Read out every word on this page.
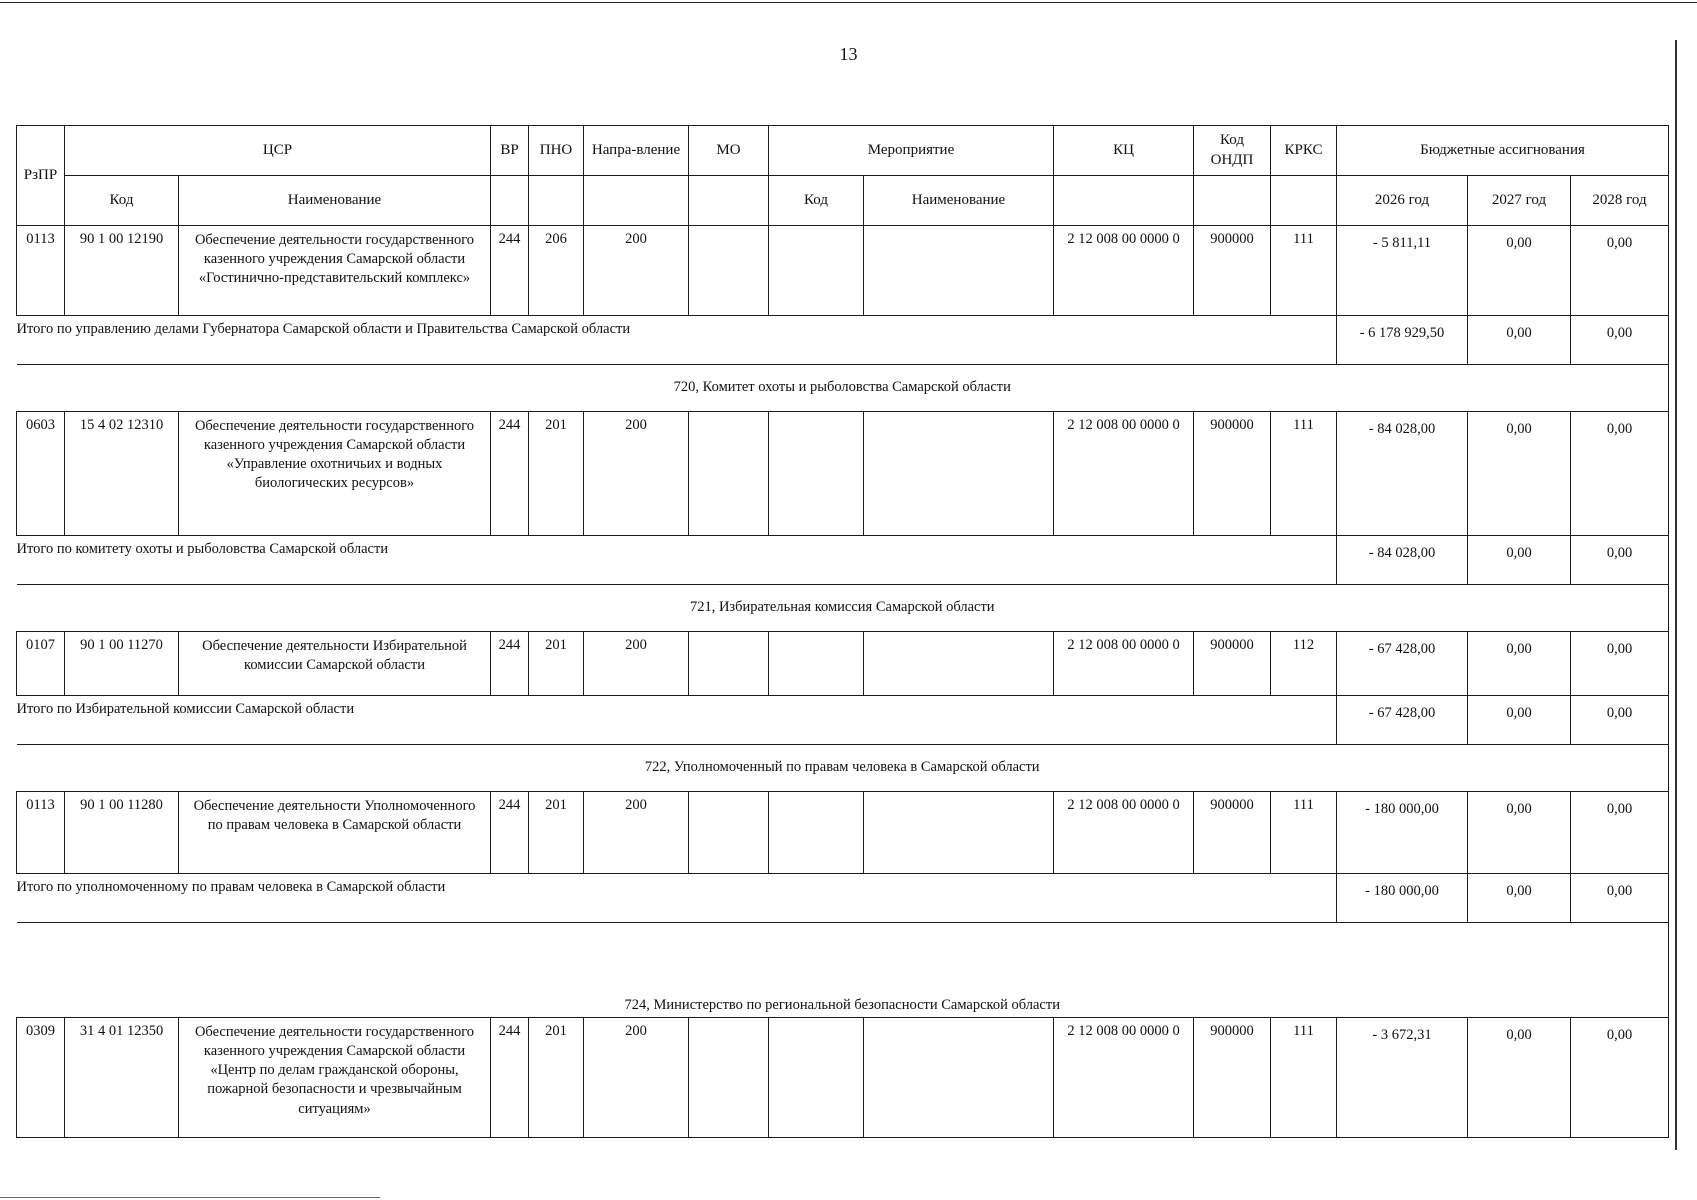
13
РзПР	ЦСР		ВР	ПНО	Напра-вление	МО	Мероприятие		КЦ	Код ОНДП	КРКС	Бюджетные ассигнования		
	Код	Наименование					Код	Наименование				2026 год	2027 год	2028 год
0113	90 1 00 12190	Обеспечение деятельности государственного казенного учреждения Самарской области «Гостинично-представительский комплекс»	244	206	200				2 12 008 00 0000 0	900000	111	- 5 811,11	0,00	0,00
Итого по управлению делами Губернатора Самарской области и Правительства Самарской области												- 6 178 929,50	0,00	0,00
720, Комитет охоты и рыболовства Самарской области														
0603	15 4 02 12310	Обеспечение деятельности государственного казенного учреждения Самарской области «Управление охотничьих и водных биологических ресурсов»	244	201	200				2 12 008 00 0000 0	900000	111	- 84 028,00	0,00	0,00
Итого по комитету охоты и рыболовства Самарской области												- 84 028,00	0,00	0,00
721, Избирательная комиссия Самарской области														
0107	90 1 00 11270	Обеспечение деятельности Избирательной комиссии Самарской области	244	201	200				2 12 008 00 0000 0	900000	112	- 67 428,00	0,00	0,00
Итого по Избирательной комиссии Самарской области												- 67 428,00	0,00	0,00
722, Уполномоченный по правам человека в Самарской области														
0113	90 1 00 11280	Обеспечение деятельности Уполномоченного по правам человека в Самарской области	244	201	200				2 12 008 00 0000 0	900000	111	- 180 000,00	0,00	0,00
Итого по уполномоченному по правам человека в Самарской области												- 180 000,00	0,00	0,00
724, Министерство по региональной безопасности Самарской области														
0309	31 4 01 12350	Обеспечение деятельности государственного казенного учреждения Самарской области «Центр по делам гражданской обороны, пожарной безопасности и чрезвычайным ситуациям»	244	201	200				2 12 008 00 0000 0	900000	111	- 3 672,31	0,00	0,00
